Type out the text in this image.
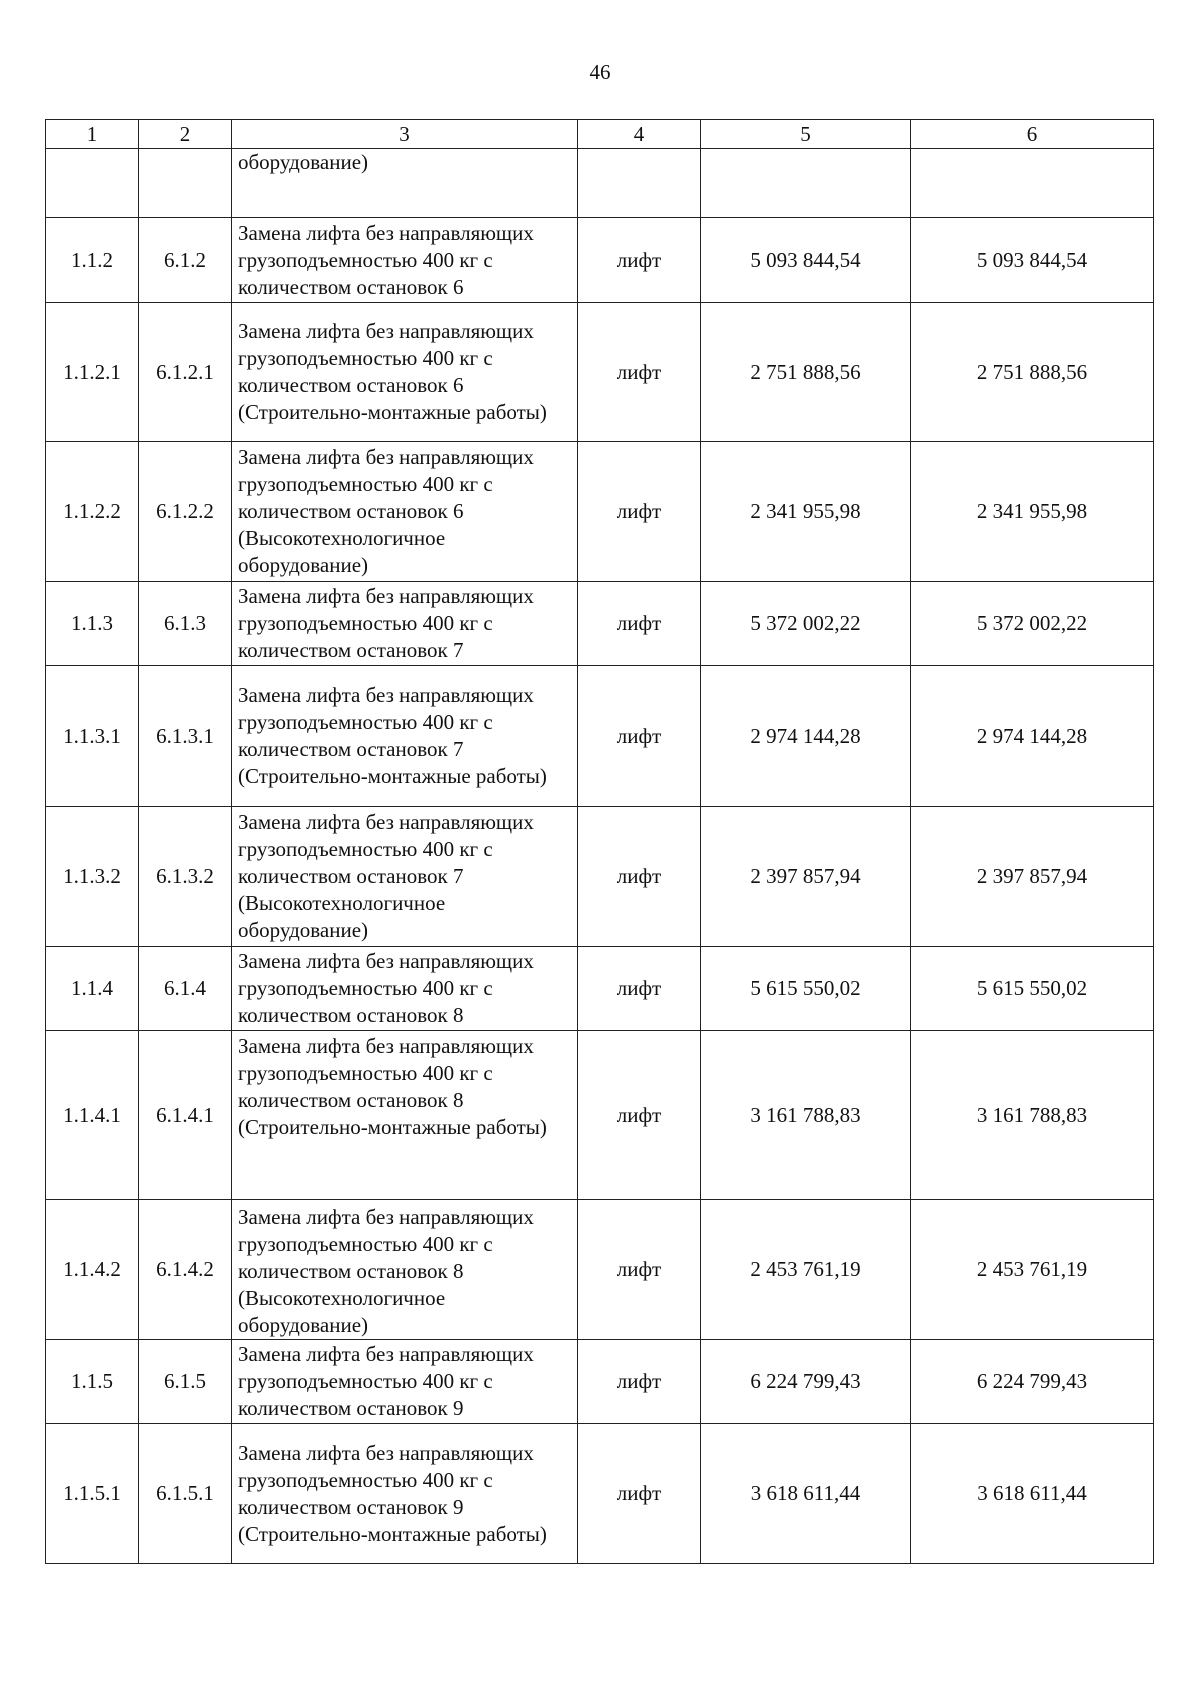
46
1	2	3	4	5	6
		оборудование)			
1.1.2	6.1.2	Замена лифта без направляющих грузоподъемностью 400 кг с количеством остановок 6	лифт	5 093 844,54	5 093 844,54
1.1.2.1	6.1.2.1	Замена лифта без направляющих грузоподъемностью 400 кг с количеством остановок 6 (Строительно-монтажные работы)	лифт	2 751 888,56	2 751 888,56
1.1.2.2	6.1.2.2	Замена лифта без направляющих грузоподъемностью 400 кг с количеством остановок 6 (Высокотехнологичное оборудование)	лифт	2 341 955,98	2 341 955,98
1.1.3	6.1.3	Замена лифта без направляющих грузоподъемностью 400 кг с количеством остановок 7	лифт	5 372 002,22	5 372 002,22
1.1.3.1	6.1.3.1	Замена лифта без направляющих грузоподъемностью 400 кг с количеством остановок 7 (Строительно-монтажные работы)	лифт	2 974 144,28	2 974 144,28
1.1.3.2	6.1.3.2	Замена лифта без направляющих грузоподъемностью 400 кг с количеством остановок 7 (Высокотехнологичное оборудование)	лифт	2 397 857,94	2 397 857,94
1.1.4	6.1.4	Замена лифта без направляющих грузоподъемностью 400 кг с количеством остановок 8	лифт	5 615 550,02	5 615 550,02
1.1.4.1	6.1.4.1	Замена лифта без направляющих грузоподъемностью 400 кг с количеством остановок 8 (Строительно-монтажные работы)	лифт	3 161 788,83	3 161 788,83
1.1.4.2	6.1.4.2	Замена лифта без направляющих грузоподъемностью 400 кг с количеством остановок 8 (Высокотехнологичное оборудование)	лифт	2 453 761,19	2 453 761,19
1.1.5	6.1.5	Замена лифта без направляющих грузоподъемностью 400 кг с количеством остановок 9	лифт	6 224 799,43	6 224 799,43
1.1.5.1	6.1.5.1	Замена лифта без направляющих грузоподъемностью 400 кг с количеством остановок 9 (Строительно-монтажные работы)	лифт	3 618 611,44	3 618 611,44
